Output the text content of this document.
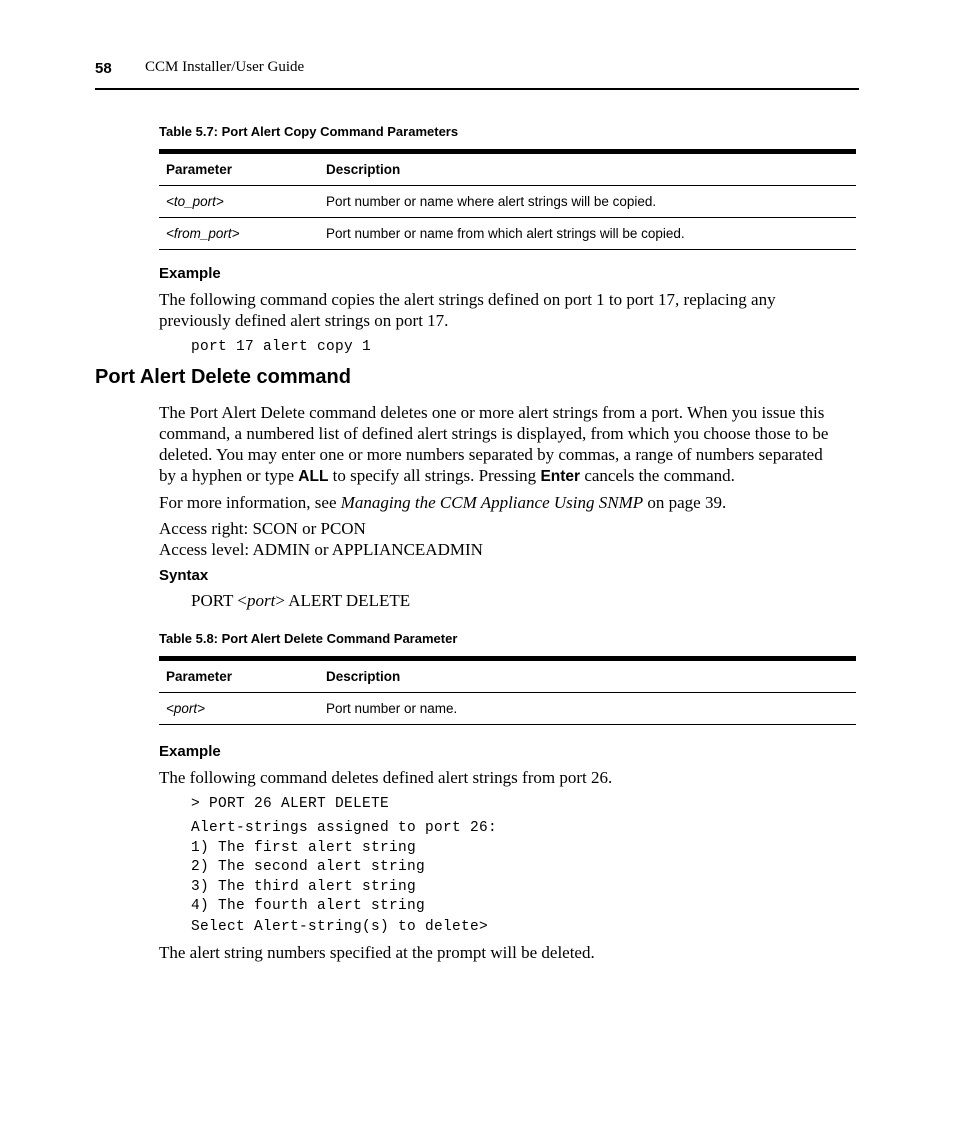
58 CCM Installer/User Guide
Table 5.7: Port Alert Copy Command Parameters
Parameter	Description
<to_port>	Port number or name where alert strings will be copied.
<from_port>	Port number or name from which alert strings will be copied.
Example
The following command copies the alert strings defined on port 1 to port 17, replacing any
previously defined alert strings on port 17.
port 17 alert copy 1
Port Alert Delete command
The Port Alert Delete command deletes one or more alert strings from a port. When you issue this
command, a numbered list of defined alert strings is displayed, from which you choose those to be
deleted. You may enter one or more numbers separated by commas, a range of numbers separated
by a hyphen or type ALL to specify all strings. Pressing Enter cancels the command.
For more information, see Managing the CCM Appliance Using SNMP on page 39.
Access right: SCON or PCON
Access level: ADMIN or APPLIANCEADMIN
Syntax
PORT <port> ALERT DELETE
Table 5.8: Port Alert Delete Command Parameter
Parameter	Description
<port>	Port number or name.
Example
The following command deletes defined alert strings from port 26.
> PORT 26 ALERT DELETE
Alert-strings assigned to port 26:
1) The first alert string
2) The second alert string
3) The third alert string
4) The fourth alert string
Select Alert-string(s) to delete>
The alert string numbers specified at the prompt will be deleted.
